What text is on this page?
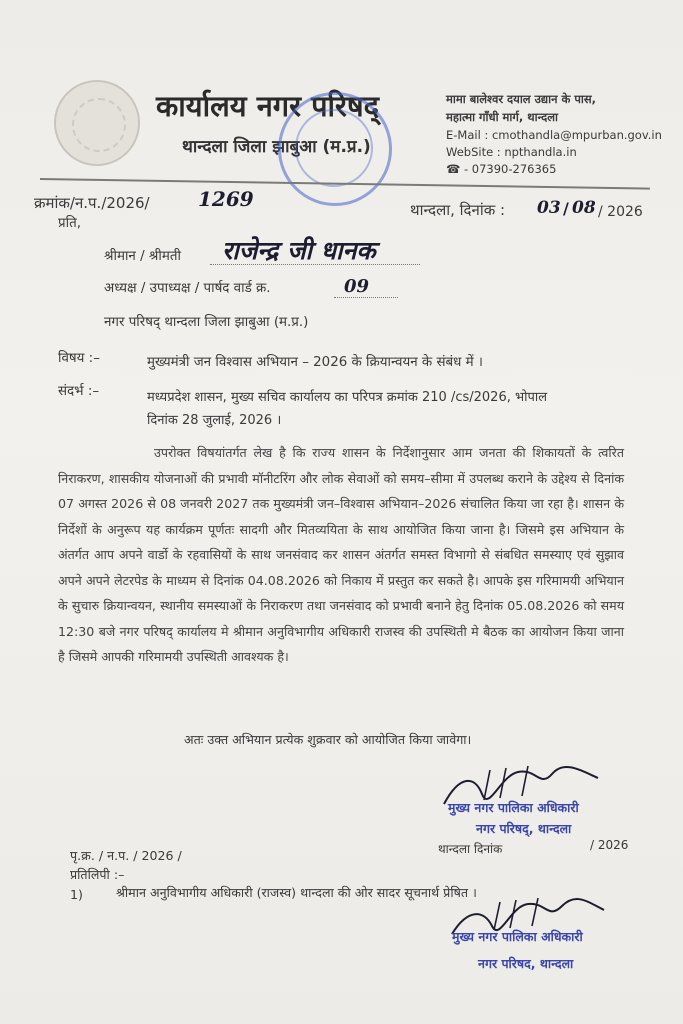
कार्यालय नगर परिषद्
थान्दला जिला झाबुआ (म.प्र.)
मामा बालेश्वर दयाल उद्यान के पास,
महात्मा गाँधी मार्ग, थान्दला
E-Mail : cmothandla@mpurban.gov.in
WebSite : npthandla.in
☎ - 07390-276365
क्रमांक/न.प./2026/ 1269	थान्दला, दिनांक : 03 / 08 / 2026
प्रति,
श्रीमान / श्रीमती राजेन्द्र जी धानक
अध्यक्ष / उपाध्यक्ष / पार्षद वार्ड क्र.	09
नगर परिषद् थान्दला जिला झाबुआ (म.प्र.)
विषय :–	मुख्यमंत्री जन विश्वास अभियान – 2026 के क्रियान्वयन के संबंध में ।
संदर्भ :–	मध्यप्रदेश शासन, मुख्य सचिव कार्यालय का परिपत्र क्रमांक 210 /cs/2026, भोपाल
दिनांक 28 जुलाई, 2026 ।
उपरोक्त विषयांतर्गत लेख है कि राज्य शासन के निर्देशानुसार आम जनता की शिकायतों के त्वरित निराकरण, शासकीय योजनाओं की प्रभावी मॉनीटरिंग और लोक सेवाओं को समय–सीमा में उपलब्ध कराने के उद्देश्य से दिनांक 07 अगस्त 2026 से 08 जनवरी 2027 तक मुख्यमंत्री जन–विश्वास अभियान–2026 संचालित किया जा रहा है। शासन के निर्देशों के अनुरूप यह कार्यक्रम पूर्णतः सादगी और मितव्ययिता के साथ आयोजित किया जाना है। जिसमे इस अभियान के अंतर्गत आप अपने वार्डो के रहवासियों के साथ जनसंवाद कर शासन अंतर्गत समस्त विभागो से संबधित समस्याए एवं सुझाव अपने अपने लेटरपेड के माध्यम से दिनांक 04.08.2026 को निकाय में प्रस्तुत कर सकते है। आपके इस गरिमामयी अभियान के सुचारु क्रियान्वयन, स्थानीय समस्याओं के निराकरण तथा जनसंवाद को प्रभावी बनाने हेतु दिनांक 05.08.2026 को समय 12:30 बजे नगर परिषद् कार्यालय मे श्रीमान अनुविभागीय अधिकारी राजस्व की उपस्थिती मे बैठक का आयोजन किया जाना है जिसमे आपकी गरिमामयी उपस्थिती आवश्यक है।
अतः उक्त अभियान प्रत्येक शुक्रवार को आयोजित किया जावेगा।
मुख्य नगर पालिका अधिकारी
नगर परिषद्, थान्दला
थान्दला दिनांक	/ 2026
पृ.क्र. / न.प. / 2026 /
प्रतिलिपी :–
1)	श्रीमान अनुविभागीय अधिकारी (राजस्व) थान्दला की ओर सादर सूचनार्थ प्रेषित ।
मुख्य नगर पालिका अधिकारी
नगर परिषद, थान्दला
